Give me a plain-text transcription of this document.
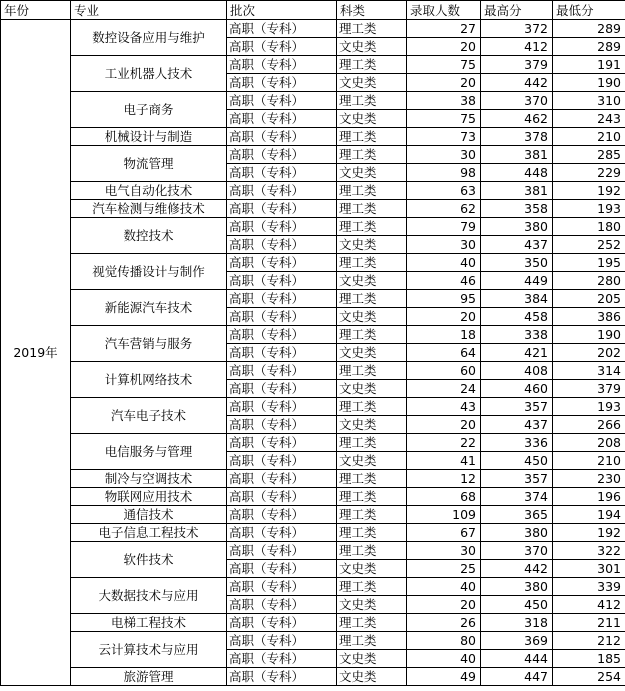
年份	专业	批次	科类	录取人数	最高分	最低分
2019年	数控设备应用与维护	高职（专科）	理工类	27	372	289
		高职（专科）	文史类	20	412	289
	工业机器人技术	高职（专科）	理工类	75	379	191
		高职（专科）	文史类	20	442	190
	电子商务	高职（专科）	理工类	38	370	310
		高职（专科）	文史类	75	462	243
	机械设计与制造	高职（专科）	理工类	73	378	210
	物流管理	高职（专科）	理工类	30	381	285
		高职（专科）	文史类	98	448	229
	电气自动化技术	高职（专科）	理工类	63	381	192
	汽车检测与维修技术	高职（专科）	理工类	62	358	193
	数控技术	高职（专科）	理工类	79	380	180
		高职（专科）	文史类	30	437	252
	视觉传播设计与制作	高职（专科）	理工类	40	350	195
		高职（专科）	文史类	46	449	280
	新能源汽车技术	高职（专科）	理工类	95	384	205
		高职（专科）	文史类	20	458	386
	汽车营销与服务	高职（专科）	理工类	18	338	190
		高职（专科）	文史类	64	421	202
	计算机网络技术	高职（专科）	理工类	60	408	314
		高职（专科）	文史类	24	460	379
	汽车电子技术	高职（专科）	理工类	43	357	193
		高职（专科）	文史类	20	437	266
	电信服务与管理	高职（专科）	理工类	22	336	208
		高职（专科）	文史类	41	450	210
	制冷与空调技术	高职（专科）	理工类	12	357	230
	物联网应用技术	高职（专科）	理工类	68	374	196
	通信技术	高职（专科）	理工类	109	365	194
	电子信息工程技术	高职（专科）	理工类	67	380	192
	软件技术	高职（专科）	理工类	30	370	322
		高职（专科）	文史类	25	442	301
	大数据技术与应用	高职（专科）	理工类	40	380	339
		高职（专科）	文史类	20	450	412
	电梯工程技术	高职（专科）	理工类	26	318	211
	云计算技术与应用	高职（专科）	理工类	80	369	212
		高职（专科）	文史类	40	444	185
	旅游管理	高职（专科）	文史类	49	447	254
